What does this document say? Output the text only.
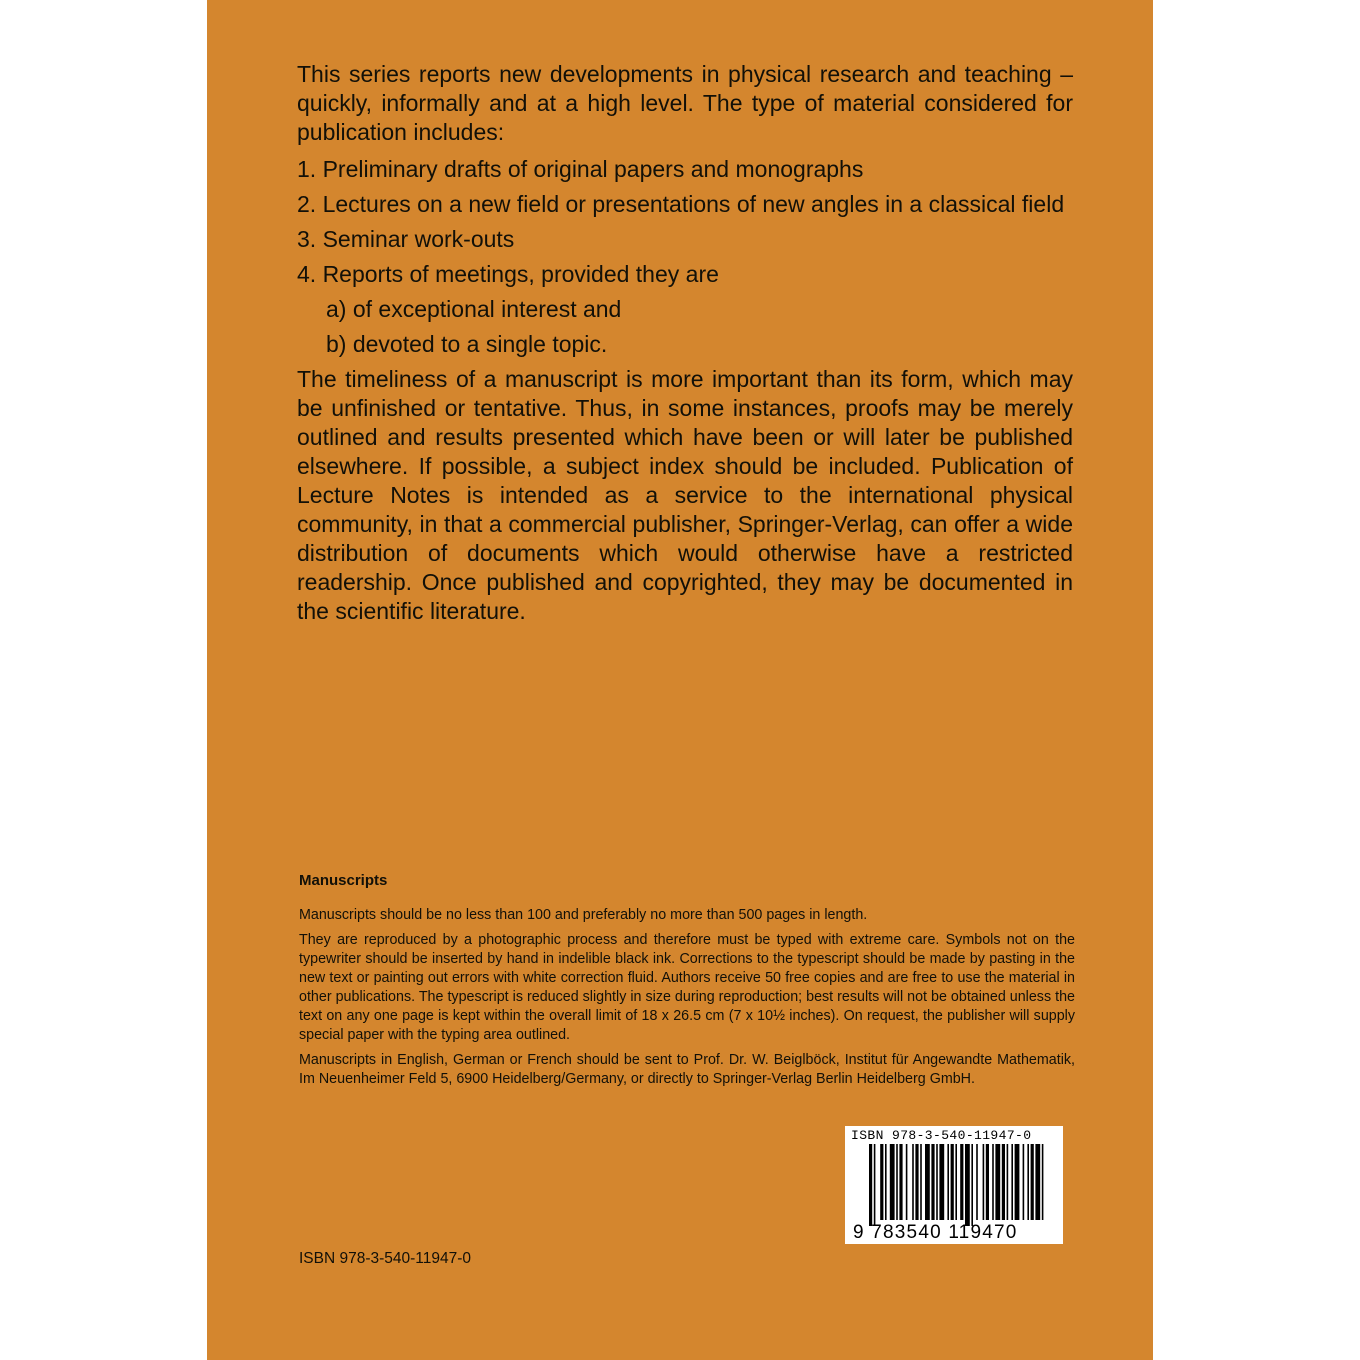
This series reports new developments in physical research and teaching – quickly, informally and at a high level. The type of material considered for publication includes:

1. Preliminary drafts of original papers and monographs
2. Lectures on a new field or presentations of new angles in a classical field
3. Seminar work-outs
4. Reports of meetings, provided they are
a) of exceptional interest and
b) devoted to a single topic.

The timeliness of a manuscript is more important than its form, which may be unfinished or tentative. Thus, in some instances, proofs may be merely outlined and results presented which have been or will later be published elsewhere. If possible, a subject index should be included. Publication of Lecture Notes is intended as a service to the international physical community, in that a commercial publisher, Springer-Verlag, can offer a wide distribution of documents which would otherwise have a restricted readership. Once published and copyrighted, they may be documented in the scientific literature.

Manuscripts

Manuscripts should be no less than 100 and preferably no more than 500 pages in length.

They are reproduced by a photographic process and therefore must be typed with extreme care. Symbols not on the typewriter should be inserted by hand in indelible black ink. Corrections to the typescript should be made by pasting in the new text or painting out errors with white correction fluid. Authors receive 50 free copies and are free to use the material in other publications. The typescript is reduced slightly in size during reproduction; best results will not be obtained unless the text on any one page is kept within the overall limit of 18 x 26.5 cm (7 x 10½ inches). On request, the publisher will supply special paper with the typing area outlined.

Manuscripts in English, German or French should be sent to Prof. Dr. W. Beiglböck, Institut für Angewandte Mathematik, Im Neuenheimer Feld 5, 6900 Heidelberg/Germany, or directly to Springer-Verlag Berlin Heidelberg GmbH.

ISBN 978-3-540-11947-0
9 783540 119470
ISBN 978-3-540-11947-0
